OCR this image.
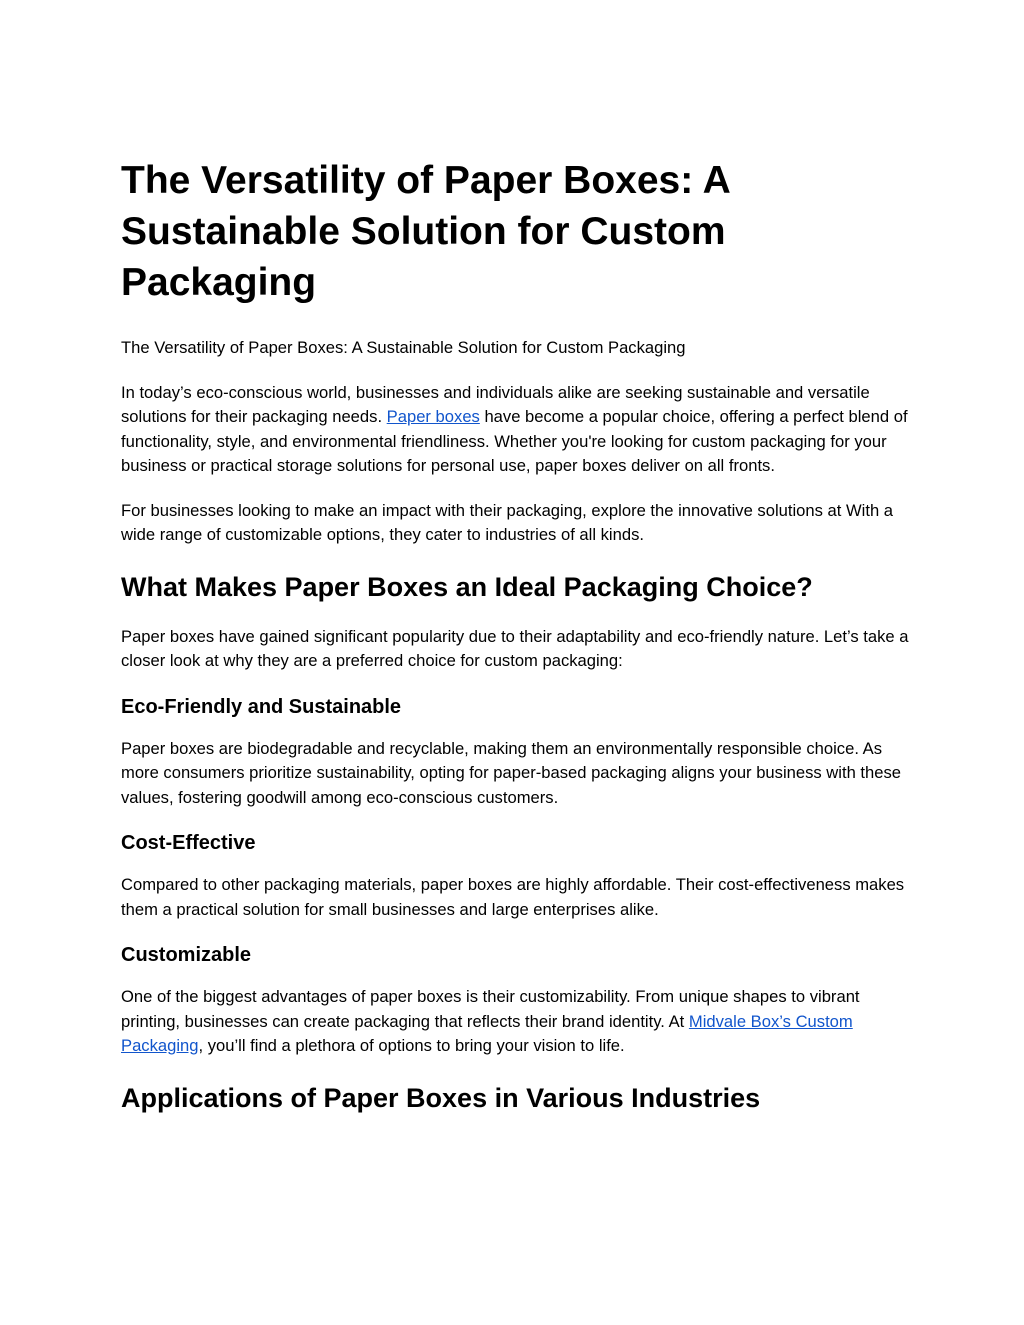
The Versatility of Paper Boxes: A Sustainable Solution for Custom Packaging

The Versatility of Paper Boxes: A Sustainable Solution for Custom Packaging

In today’s eco-conscious world, businesses and individuals alike are seeking sustainable and versatile solutions for their packaging needs. Paper boxes have become a popular choice, offering a perfect blend of functionality, style, and environmental friendliness. Whether you're looking for custom packaging for your business or practical storage solutions for personal use, paper boxes deliver on all fronts.

For businesses looking to make an impact with their packaging, explore the innovative solutions at With a wide range of customizable options, they cater to industries of all kinds.

What Makes Paper Boxes an Ideal Packaging Choice?

Paper boxes have gained significant popularity due to their adaptability and eco-friendly nature. Let’s take a closer look at why they are a preferred choice for custom packaging:

Eco-Friendly and Sustainable

Paper boxes are biodegradable and recyclable, making them an environmentally responsible choice. As more consumers prioritize sustainability, opting for paper-based packaging aligns your business with these values, fostering goodwill among eco-conscious customers.

Cost-Effective

Compared to other packaging materials, paper boxes are highly affordable. Their cost-effectiveness makes them a practical solution for small businesses and large enterprises alike.

Customizable

One of the biggest advantages of paper boxes is their customizability. From unique shapes to vibrant printing, businesses can create packaging that reflects their brand identity. At Midvale Box’s Custom Packaging, you’ll find a plethora of options to bring your vision to life.

Applications of Paper Boxes in Various Industries
